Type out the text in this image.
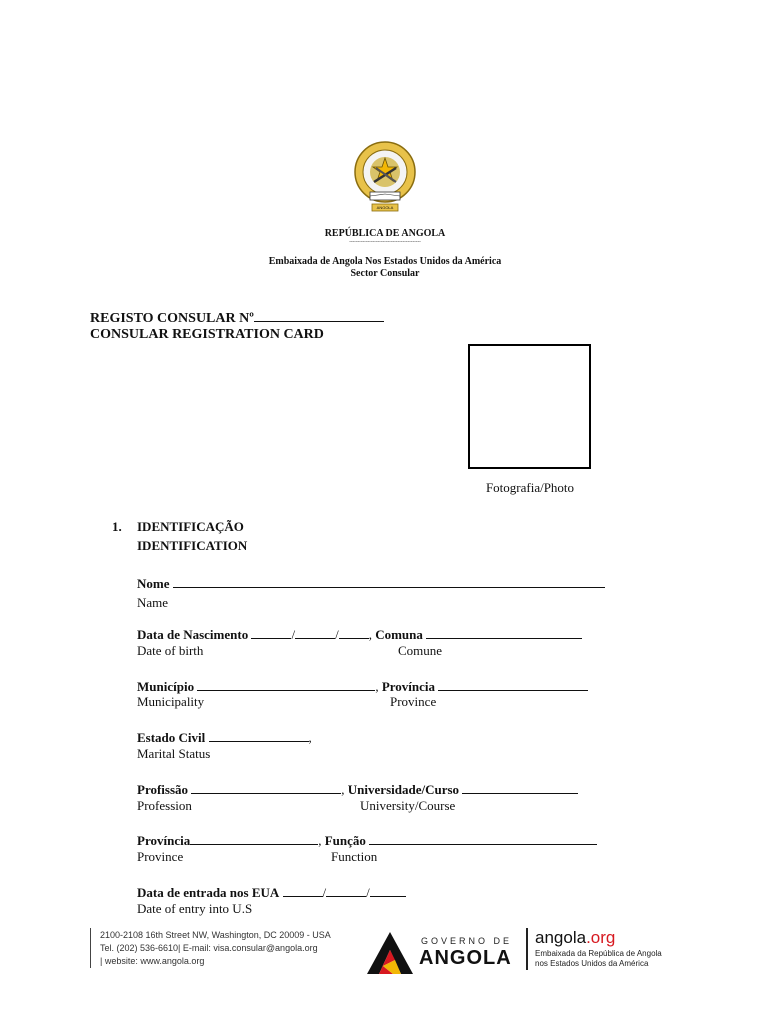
ANGOLA
REPÚBLICA DE ANGOLA
-------------------------------------------
Embaixada de Angola Nos Estados Unidos da América
Sector Consular
REGISTO CONSULAR Nº
CONSULAR REGISTRATION CARD
Fotografia/Photo
1. IDENTIFICAÇÃO
IDENTIFICATION
Nome
Name
Data de Nascimento	/	/ , Comuna
Date of birth	Comune
Município	, Província
Municipality	Province
Estado Civil	,
Marital Status
Profissão	, Universidade/Curso
Profession	University/Course
Província	, Função
Province	Function
Data de entrada nos EUA	/	/
Date of entry into U.S
2100-2108 16th Street NW, Washington, DC 20009 - USA
Tel. (202) 536-6610| E-mail: visa.consular@angola.org
| website: www.angola.org
GOVERNO DE
ANGOLA
angola.org
Embaixada da República de Angola
nos Estados Unidos da América
